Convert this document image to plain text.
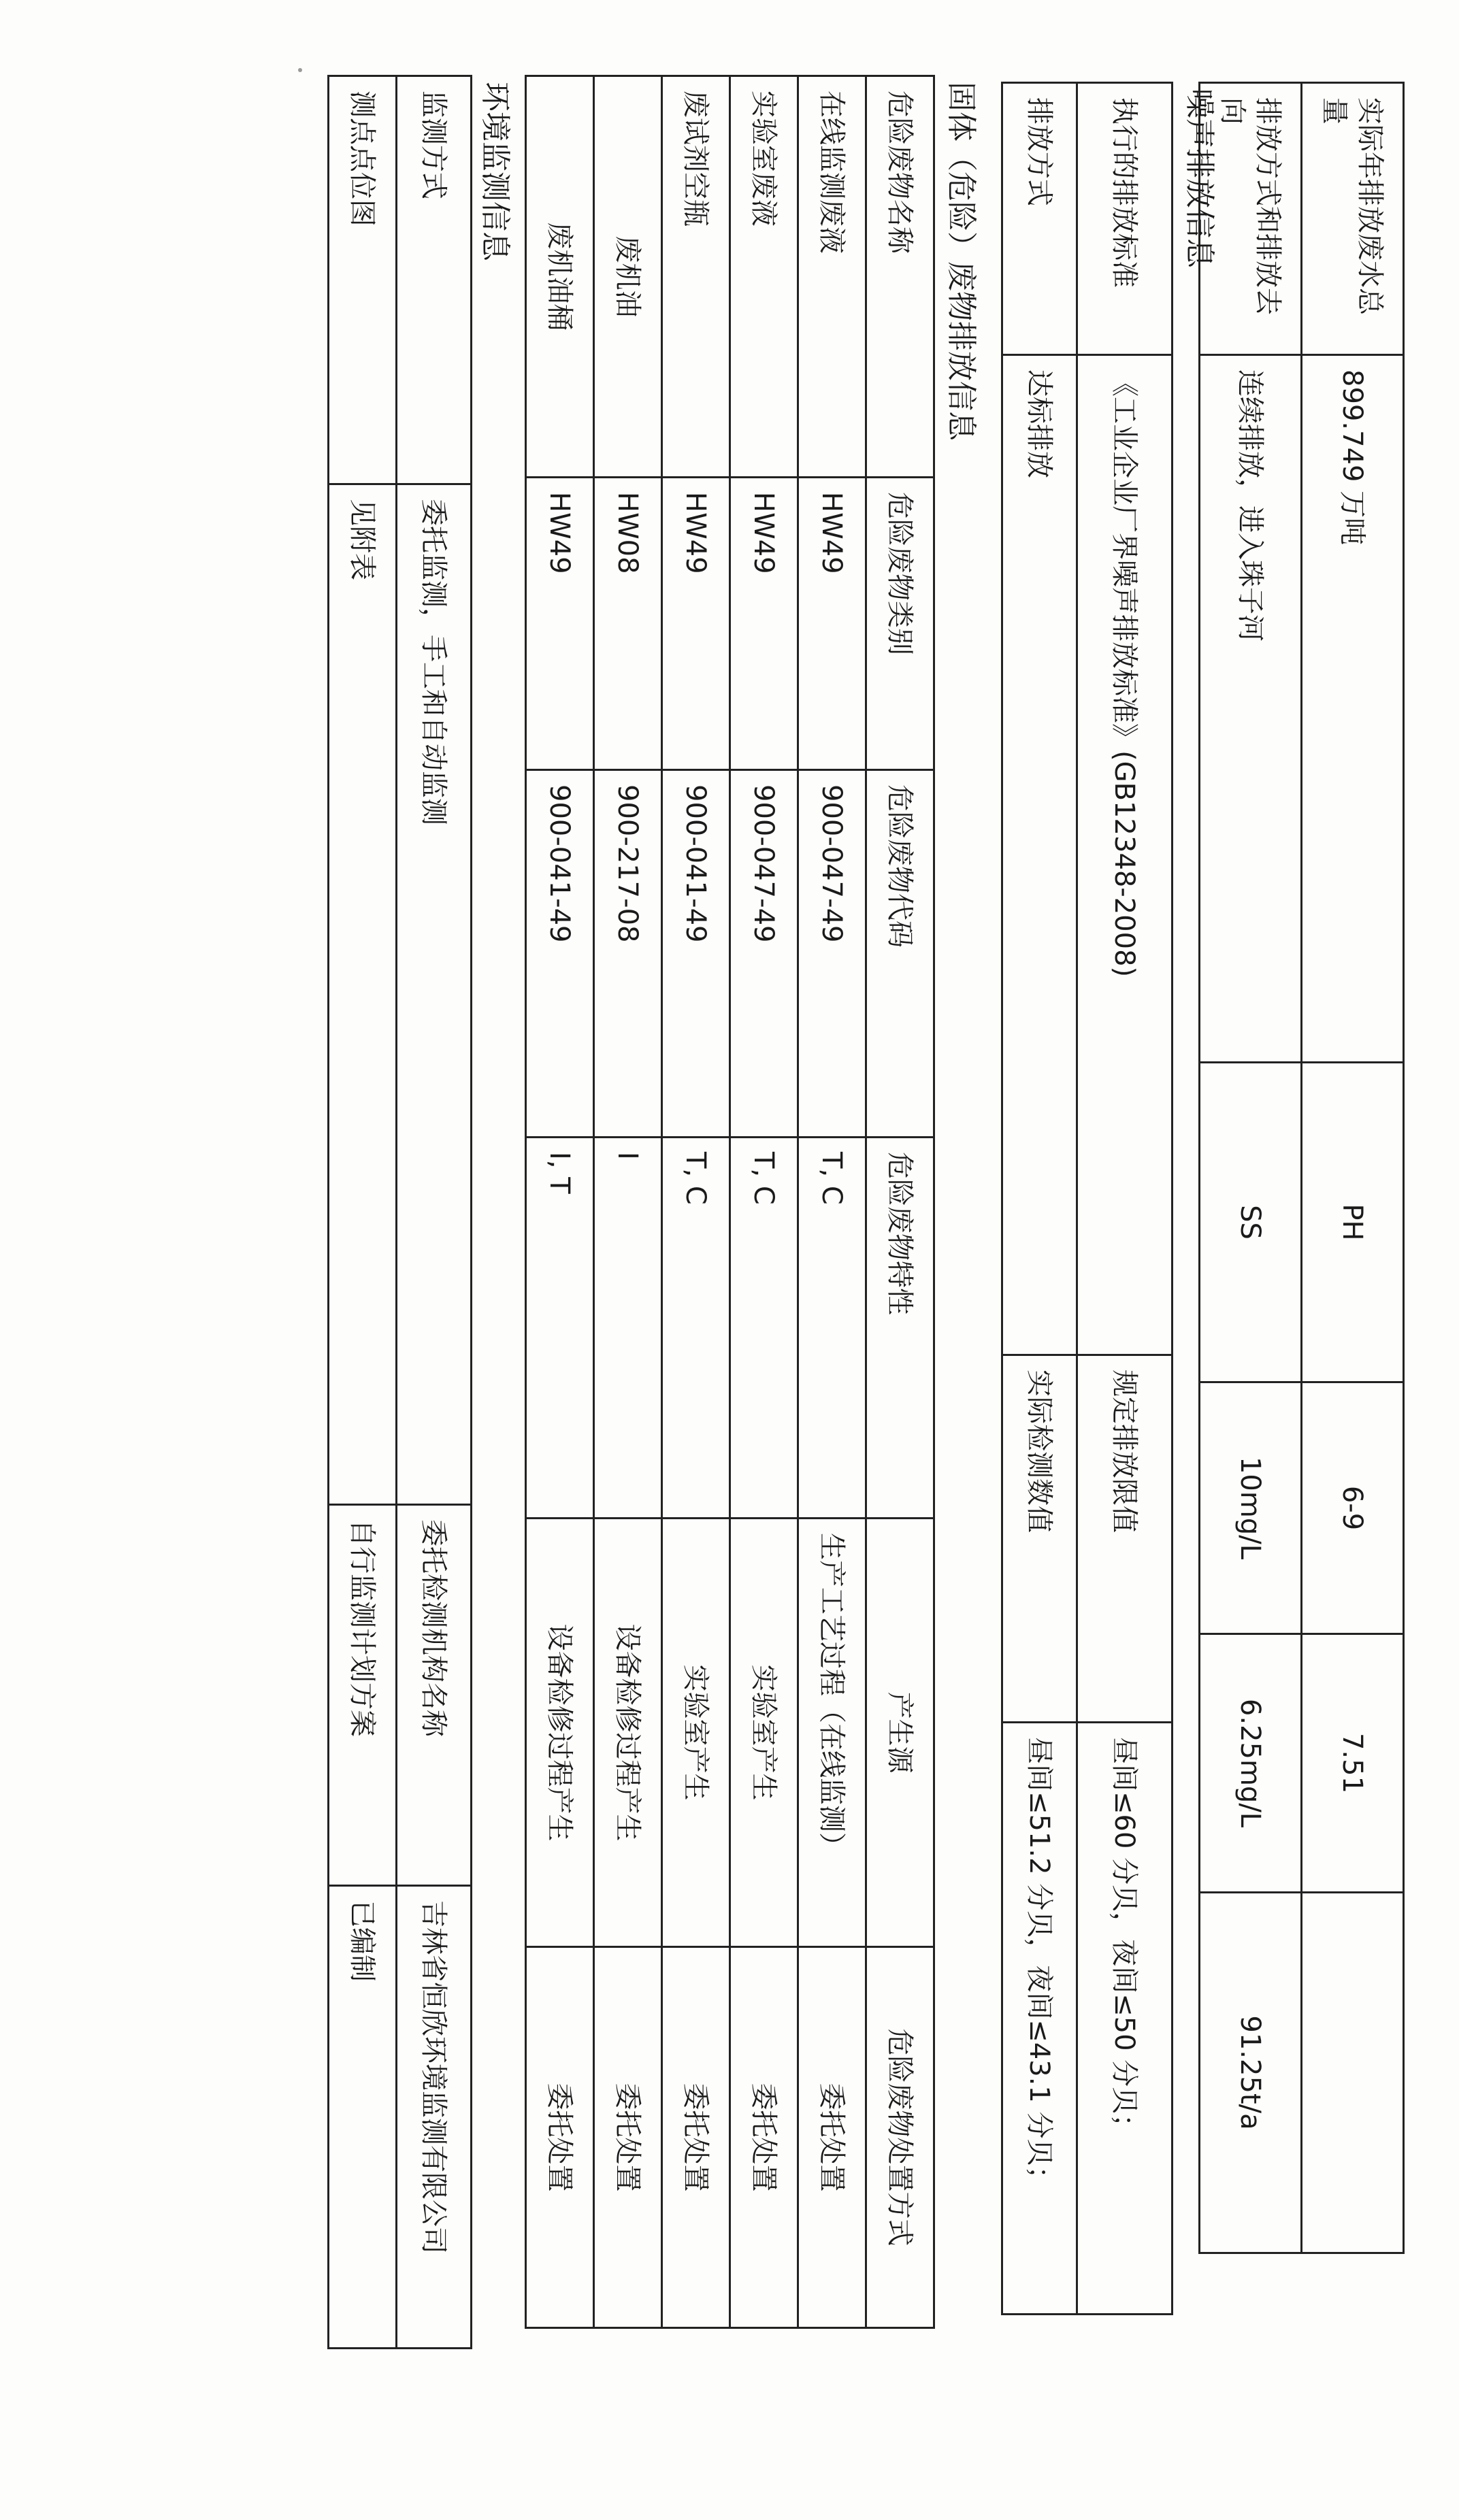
实际年排放废水总量	899.749 万吨	PH	6-9	7.51	
排放方式和排放去向	连续排放，进入珠子河	SS	10mg/L	6.25mg/L	91.25t/a
噪声排放信息
执行的排放标准	《工业企业厂界噪声排放标准》(GB12348-2008)	规定排放限值	昼间≤60 分贝，夜间≤50 分贝；
排放方式	达标排放	实际检测数值	昼间≤51.2 分贝，夜间≤43.1 分贝；
固体（危险）废物排放信息
危险废物名称	危险废物类别	危险废物代码	危险废物特性	产生源	危险废物处置方式
在线监测废液	HW49	900-047-49	T, C	生产工艺过程（在线监测）	委托处置
实验室废液	HW49	900-047-49	T, C	实验室产生	委托处置
废试剂空瓶	HW49	900-041-49	T, C	实验室产生	委托处置
废机油	HW08	900-217-08	I	设备检修过程产生	委托处置
废机油桶	HW49	900-041-49	I, T	设备检修过程产生	委托处置
环境监测信息
监测方式	委托监测，手工和自动监测	委托检测机构名称	吉林省恒欣环境监测有限公司
测点点位图	见附表	自行监测计划方案	已编制
